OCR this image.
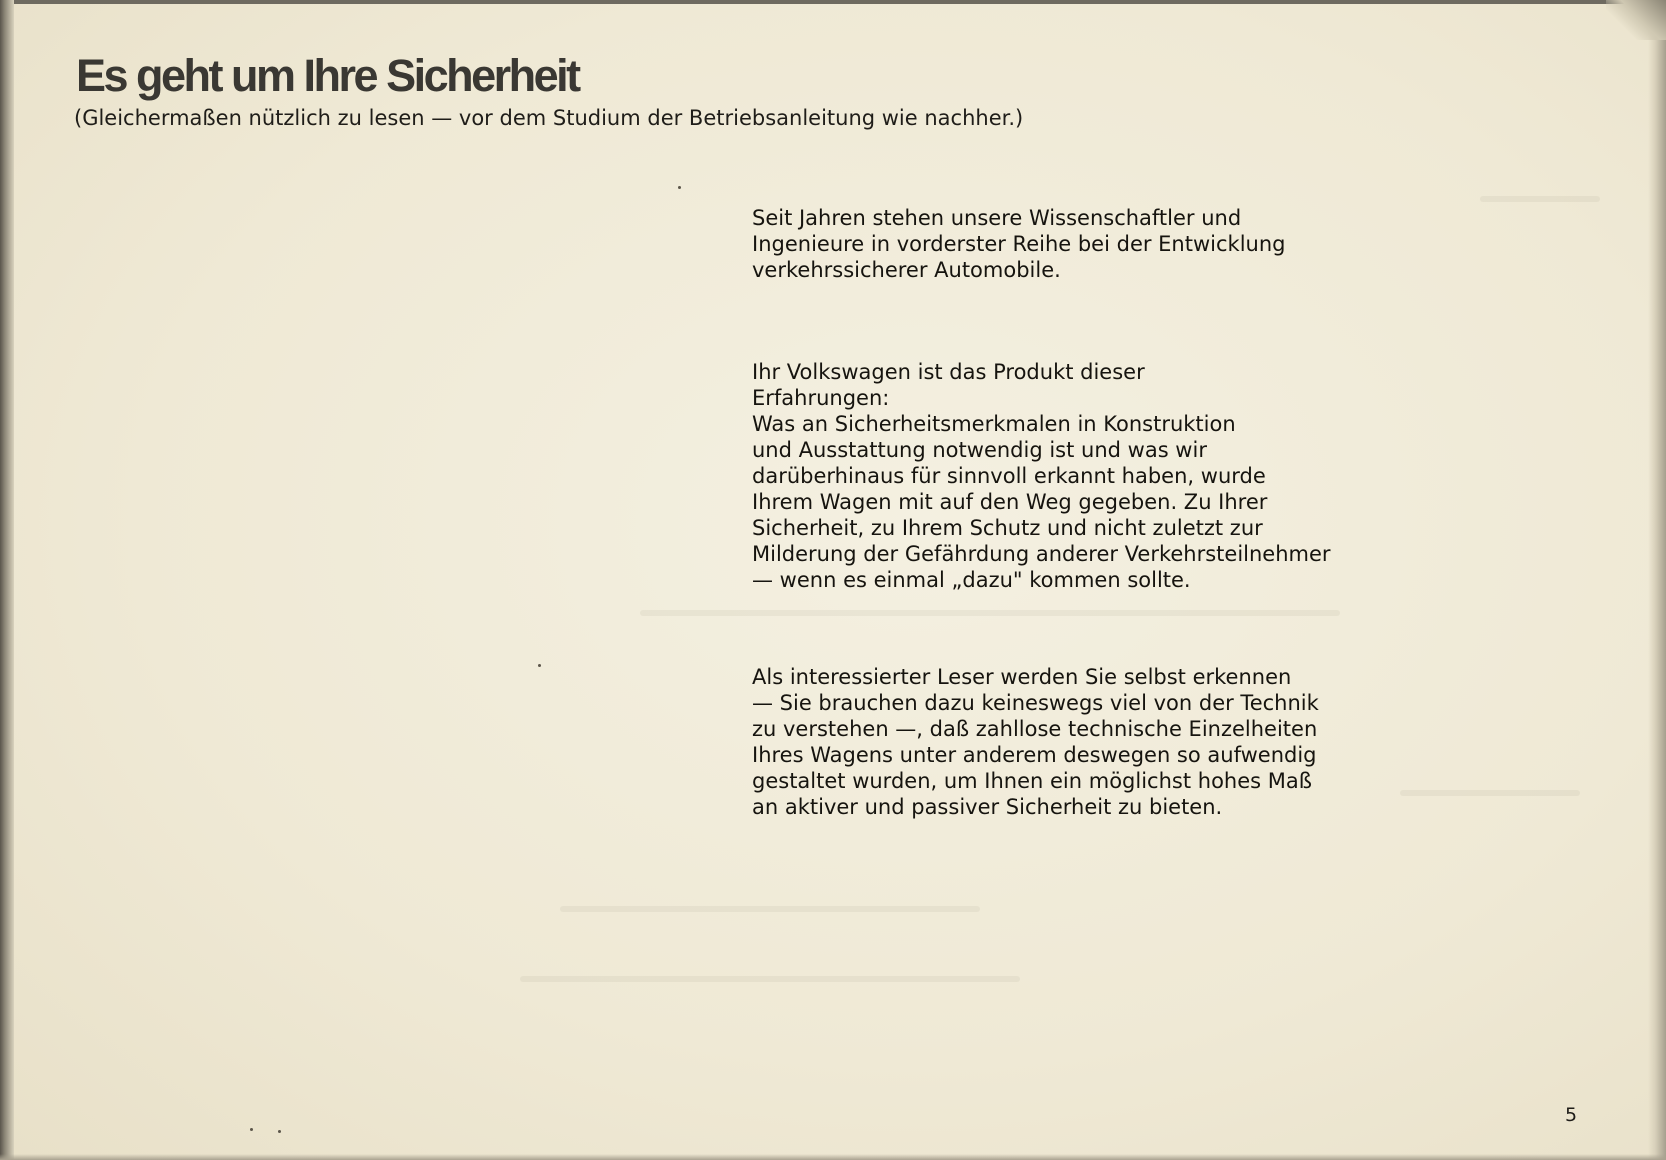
Es geht um Ihre Sicherheit

(Gleichermaßen nützlich zu lesen — vor dem Studium der Betriebsanleitung wie nachher.)

Seit Jahren stehen unsere Wissenschaftler und
Ingenieure in vorderster Reihe bei der Entwicklung
verkehrssicherer Automobile.

Ihr Volkswagen ist das Produkt dieser
Erfahrungen:
Was an Sicherheitsmerkmalen in Konstruktion
und Ausstattung notwendig ist und was wir
darüberhinaus für sinnvoll erkannt haben, wurde
Ihrem Wagen mit auf den Weg gegeben. Zu Ihrer
Sicherheit, zu Ihrem Schutz und nicht zuletzt zur
Milderung der Gefährdung anderer Verkehrsteilnehmer
— wenn es einmal „dazu" kommen sollte.

Als interessierter Leser werden Sie selbst erkennen
— Sie brauchen dazu keineswegs viel von der Technik
zu verstehen —, daß zahllose technische Einzelheiten
Ihres Wagens unter anderem deswegen so aufwendig
gestaltet wurden, um Ihnen ein möglichst hohes Maß
an aktiver und passiver Sicherheit zu bieten.

5
